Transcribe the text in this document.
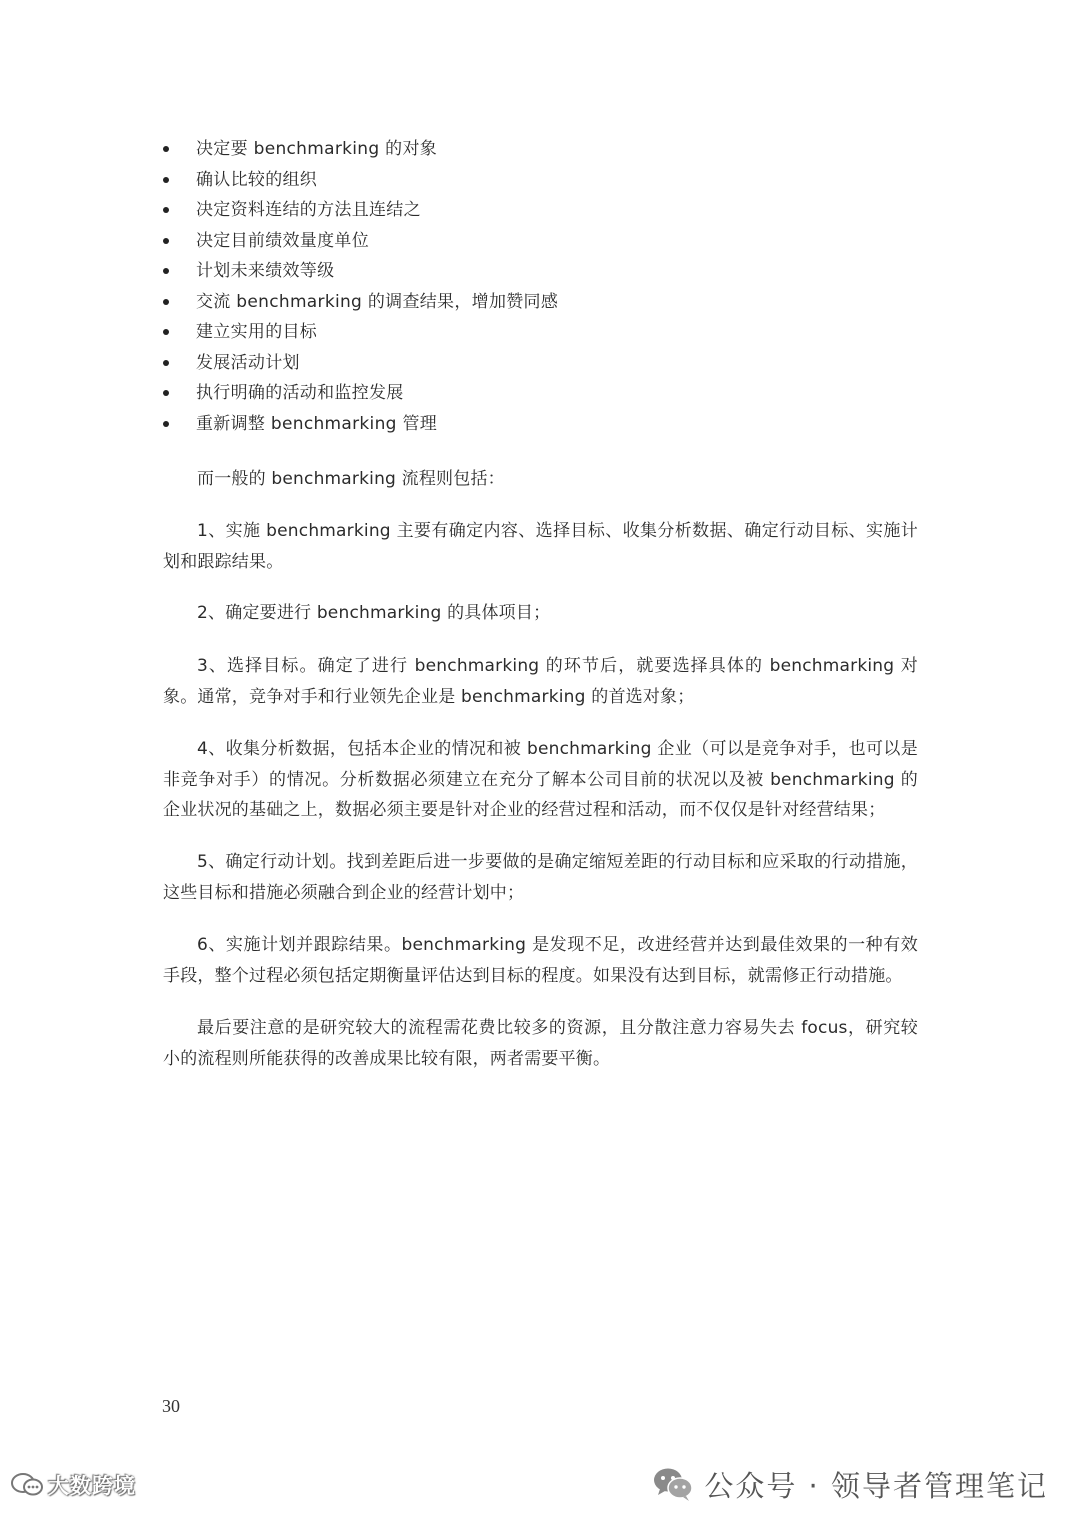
决定要 benchmarking 的对象
确认比较的组织
决定资料连结的方法且连结之
决定目前绩效量度单位
计划未来绩效等级
交流 benchmarking 的调查结果，增加赞同感
建立实用的目标
发展活动计划
执行明确的活动和监控发展
重新调整 benchmarking 管理

而一般的 benchmarking 流程则包括：

1、实施 benchmarking 主要有确定内容、选择目标、收集分析数据、确定行动目标、实施计划和跟踪结果。

2、确定要进行 benchmarking 的具体项目；

3、选择目标。确定了进行 benchmarking 的环节后，就要选择具体的 benchmarking 对象。通常，竞争对手和行业领先企业是 benchmarking 的首选对象；

4、收集分析数据，包括本企业的情况和被 benchmarking 企业（可以是竞争对手，也可以是非竞争对手）的情况。分析数据必须建立在充分了解本公司目前的状况以及被 benchmarking 的企业状况的基础之上，数据必须主要是针对企业的经营过程和活动，而不仅仅是针对经营结果；

5、确定行动计划。找到差距后进一步要做的是确定缩短差距的行动目标和应采取的行动措施，这些目标和措施必须融合到企业的经营计划中；

6、实施计划并跟踪结果。benchmarking 是发现不足，改进经营并达到最佳效果的一种有效手段，整个过程必须包括定期衡量评估达到目标的程度。如果没有达到目标，就需修正行动措施。

最后要注意的是研究较大的流程需花费比较多的资源，且分散注意力容易失去 focus，研究较小的流程则所能获得的改善成果比较有限，两者需要平衡。

30
大数跨境	公众号 · 领导者管理笔记
